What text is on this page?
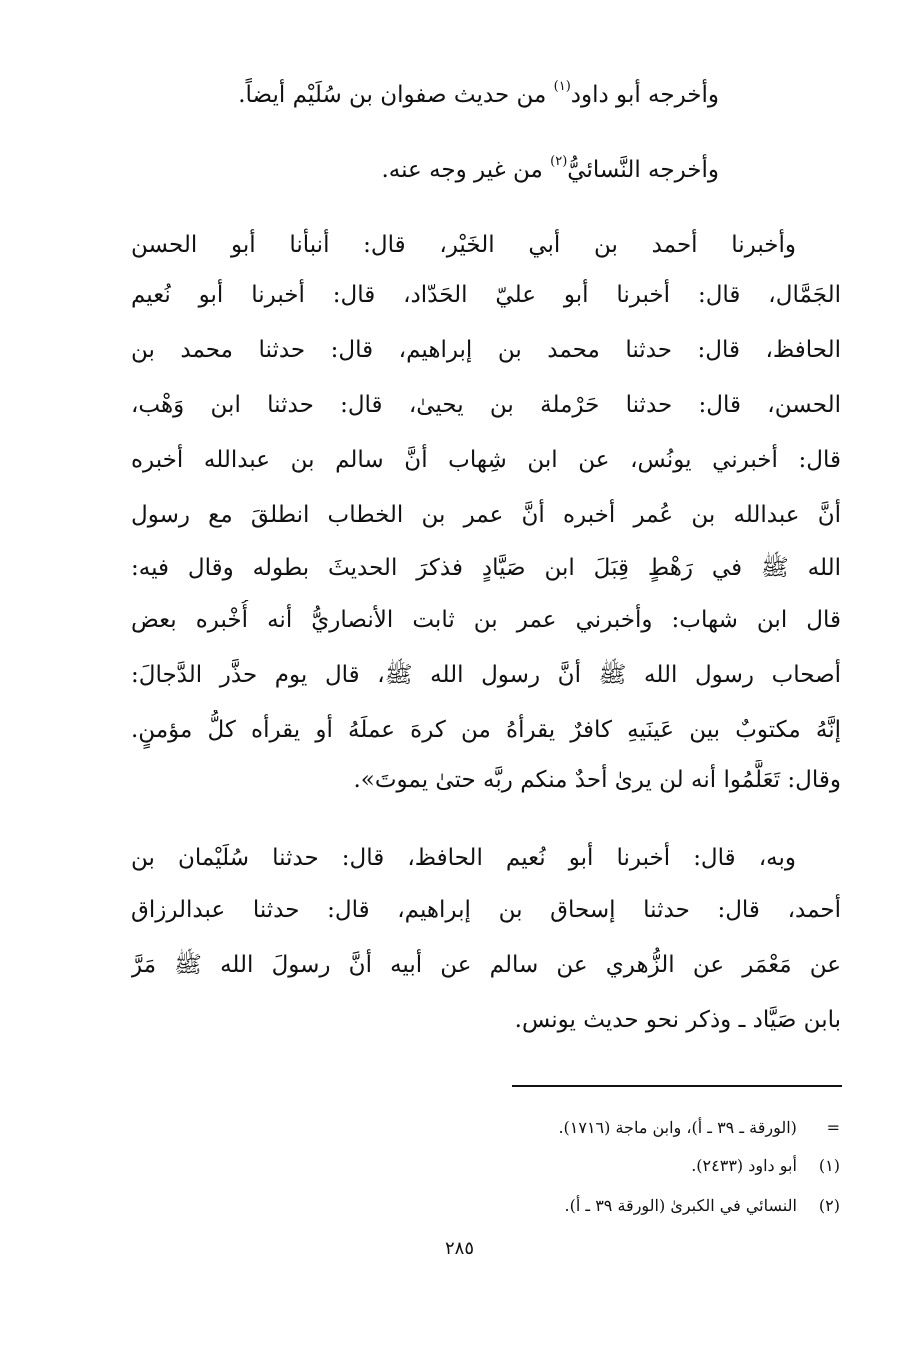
وأخرجه أبو داود$^{(١)}$ من حديث صفوان بن سُلَيْم أيضاً.
وأخرجه النَّسائيُّ$^{(٢)}$ من غير وجه عنه.
وأخبرنا أحمد بن أبي الخَيْر، قال: أنبأنا أبو الحسن
الجَمَّال، قال: أخبرنا أبو عليّ الحَدّاد، قال: أخبرنا أبو نُعيم
الحافظ، قال: حدثنا محمد بن إبراهيم، قال: حدثنا محمد بن
الحسن، قال: حدثنا حَرْملة بن يحيىٰ، قال: حدثنا ابن وَهْب،
قال: أخبرني يونُس، عن ابن شِهاب أنَّ سالم بن عبدالله أخبره
أنَّ عبدالله بن عُمر أخبره أنَّ عمر بن الخطاب انطلقَ مع رسول
الله ﷺ في رَهْطٍ قِبَلَ ابن صَيَّادٍ فذكرَ الحديثَ بطوله وقال فيه:
قال ابن شهاب: وأخبرني عمر بن ثابت الأنصاريُّ أنه أُخْبره بعض
أصحاب رسول الله ﷺ أنَّ رسول الله ﷺ، قال يوم حذَّر الدَّجالَ:
إنَّهُ مكتوبٌ بين عَينَيهِ كافرٌ يقرأهُ من كرهَ عملَهُ أو يقرأه كلُّ مؤمنٍ.
وقال: تَعَلَّمُوا أنه لن يرىٰ أحدٌ منكم ربَّه حتىٰ يموتَ».
وبه، قال: أخبرنا أبو نُعيم الحافظ، قال: حدثنا سُلَيْمان بن
أحمد، قال: حدثنا إسحاق بن إبراهيم، قال: حدثنا عبدالرزاق
عن مَعْمَر عن الزُّهري عن سالم عن أبيه أنَّ رسولَ الله ﷺ مَرَّ
بابن صَيَّاد ـ وذكر نحو حديث يونس.
= (الورقة ـ ٣٩ ـ أ)، وابن ماجة (١٧١٦).
(١) أبو داود (٢٤٣٣).
(٢) النسائي في الكبرىٰ (الورقة ٣٩ ـ أ).
٢٨٥
